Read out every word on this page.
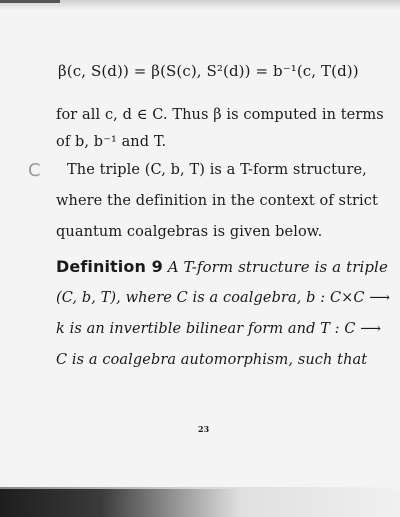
β(c, S(d)) = β(S(c), S²(d)) = b⁻¹(c, T(d))
for all c, d ∈ C. Thus β is computed in terms
of b, b⁻¹ and T.
C The triple (C, b, T) is a T-form structure,
where the definition in the context of strict
quantum coalgebras is given below.
Definition 9 A T-form structure is a triple
(C, b, T), where C is a coalgebra, b : C×C ⟶
k is an invertible bilinear form and T : C ⟶
C is a coalgebra automorphism, such that
23
